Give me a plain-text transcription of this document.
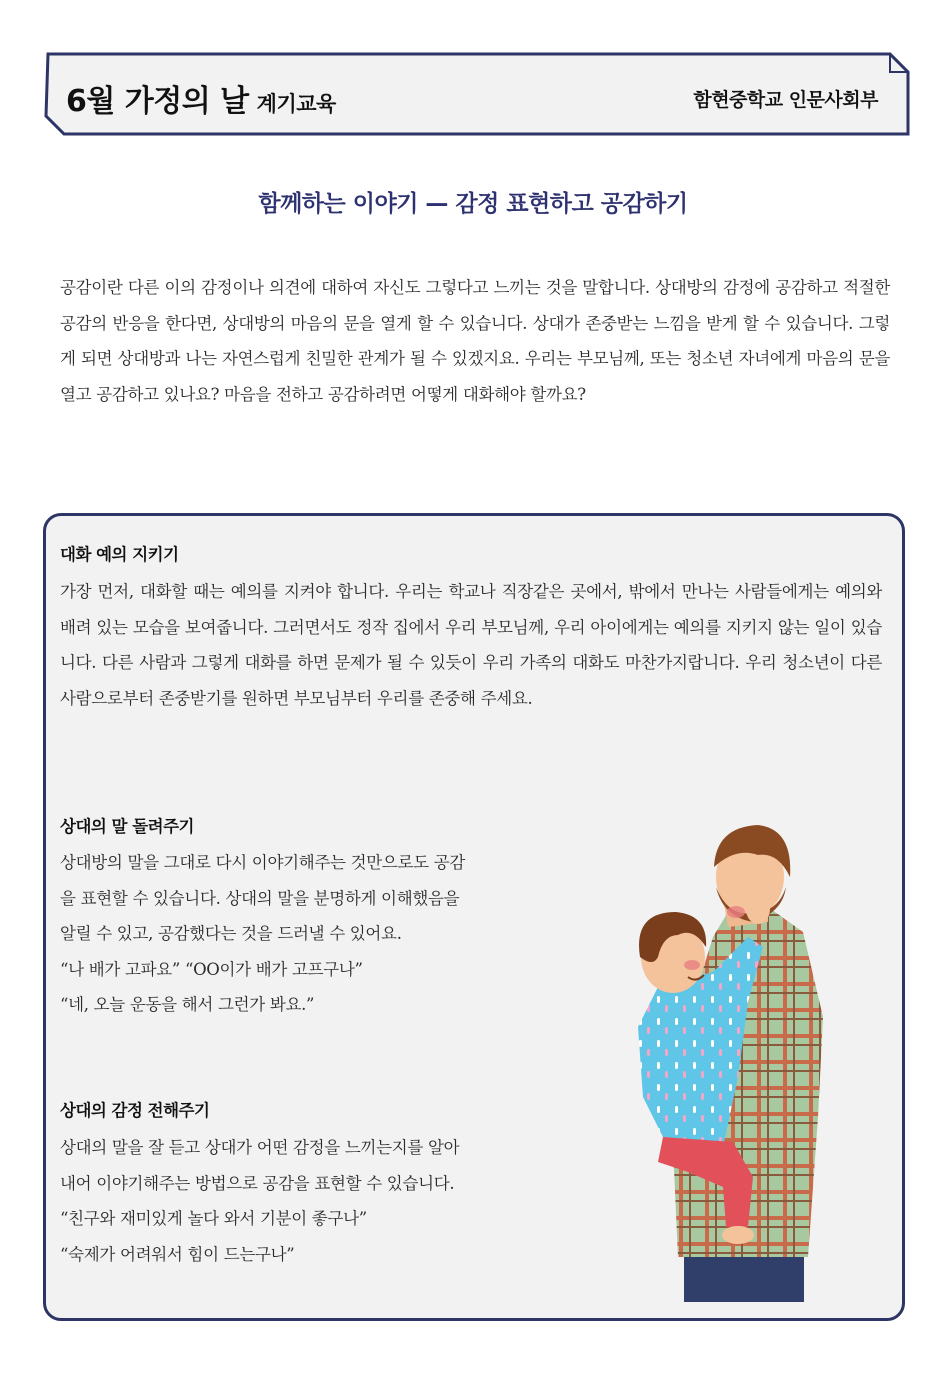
6월 가정의 날 계기교육	함현중학교 인문사회부
함께하는 이야기 — 감정 표현하고 공감하기
공감이란 다른 이의 감정이나 의견에 대하여 자신도 그렇다고 느끼는 것을 말합니다. 상대방의 감정에 공감하고 적절한 공감의 반응을 한다면, 상대방의 마음의 문을 열게 할 수 있습니다. 상대가 존중받는 느낌을 받게 할 수 있습니다. 그렇게 되면 상대방과 나는 자연스럽게 친밀한 관계가 될 수 있겠지요. 우리는 부모님께, 또는 청소년 자녀에게 마음의 문을 열고 공감하고 있나요? 마음을 전하고 공감하려면 어떻게 대화해야 할까요?
대화 예의 지키기
가장 먼저, 대화할 때는 예의를 지켜야 합니다. 우리는 학교나 직장같은 곳에서, 밖에서 만나는 사람들에게는 예의와 배려 있는 모습을 보여줍니다. 그러면서도 정작 집에서 우리 부모님께, 우리 아이에게는 예의를 지키지 않는 일이 있습니다. 다른 사람과 그렇게 대화를 하면 문제가 될 수 있듯이 우리 가족의 대화도 마찬가지랍니다. 우리 청소년이 다른 사람으로부터 존중받기를 원하면 부모님부터 우리를 존중해 주세요.
상대의 말 돌려주기
상대방의 말을 그대로 다시 이야기해주는 것만으로도 공감
을 표현할 수 있습니다. 상대의 말을 분명하게 이해했음을
알릴 수 있고, 공감했다는 것을 드러낼 수 있어요.
“나 배가 고파요” “OO이가 배가 고프구나”
“네, 오늘 운동을 해서 그런가 봐요.”
상대의 감정 전해주기
상대의 말을 잘 듣고 상대가 어떤 감정을 느끼는지를 알아
내어 이야기해주는 방법으로 공감을 표현할 수 있습니다.
“친구와 재미있게 놀다 와서 기분이 좋구나”
“숙제가 어려워서 힘이 드는구나”
